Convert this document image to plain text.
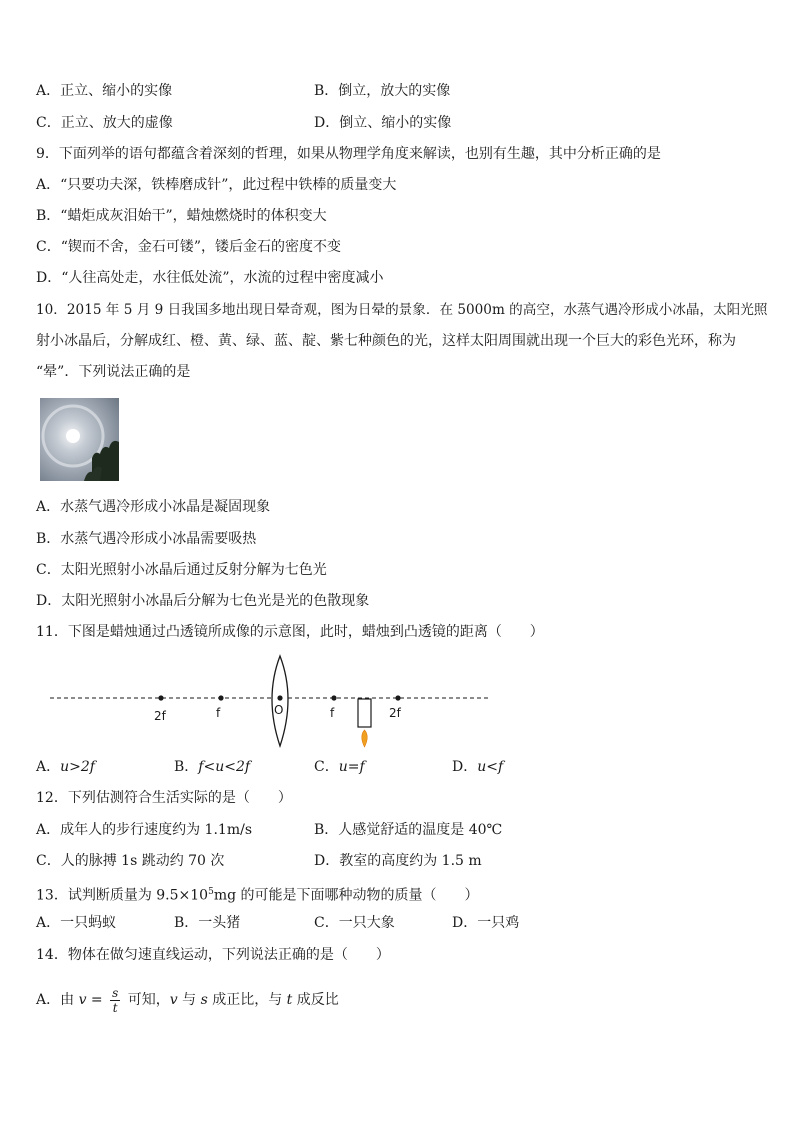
A．正立、缩小的实像	B．倒立，放大的实像
C．正立、放大的虚像	D．倒立、缩小的实像
9．下面列举的语句都蕴含着深刻的哲理，如果从物理学角度来解读，也别有生趣，其中分析正确的是
A．“只要功夫深，铁棒磨成针”，此过程中铁棒的质量变大
B．“蜡炬成灰泪始干”，蜡烛燃烧时的体积变大
C．“锲而不舍，金石可镂”，镂后金石的密度不变
D．“人往高处走，水往低处流”，水流的过程中密度减小
10．2015 年 5 月 9 日我国多地出现日晕奇观，图为日晕的景象．在 5000m 的高空，水蒸气遇冷形成小冰晶，太阳光照
射小冰晶后，分解成红、橙、黄、绿、蓝、靛、紫七种颜色的光，这样太阳周围就出现一个巨大的彩色光环，称为
“晕”．下列说法正确的是
A．水蒸气遇冷形成小冰晶是凝固现象
B．水蒸气遇冷形成小冰晶需要吸热
C．太阳光照射小冰晶后通过反射分解为七色光
D．太阳光照射小冰晶后分解为七色光是光的色散现象
11．下图是蜡烛通过凸透镜所成像的示意图，此时，蜡烛到凸透镜的距离（　　）
2f	f	O	f	2f
A．u>2f	B．f<u<2f	C．u=f	D．u<f
12．下列估测符合生活实际的是（　　）
A．成年人的步行速度约为 1.1m/s	B．人感觉舒适的温度是 40℃
C．人的脉搏 1s 跳动约 70 次	D．教室的高度约为 1.5 m
13．试判断质量为 $9.5\times 10^5mg$ 的可能是下面哪种动物的质量（　　）
A．一只蚂蚁	B．一头猪	C．一只大象	D．一只鸡
14．物体在做匀速直线运动，下列说法正确的是（　　）
A．由 $v = \frac{s}{t}$ 可知，v 与 s 成正比，与 t 成反比
